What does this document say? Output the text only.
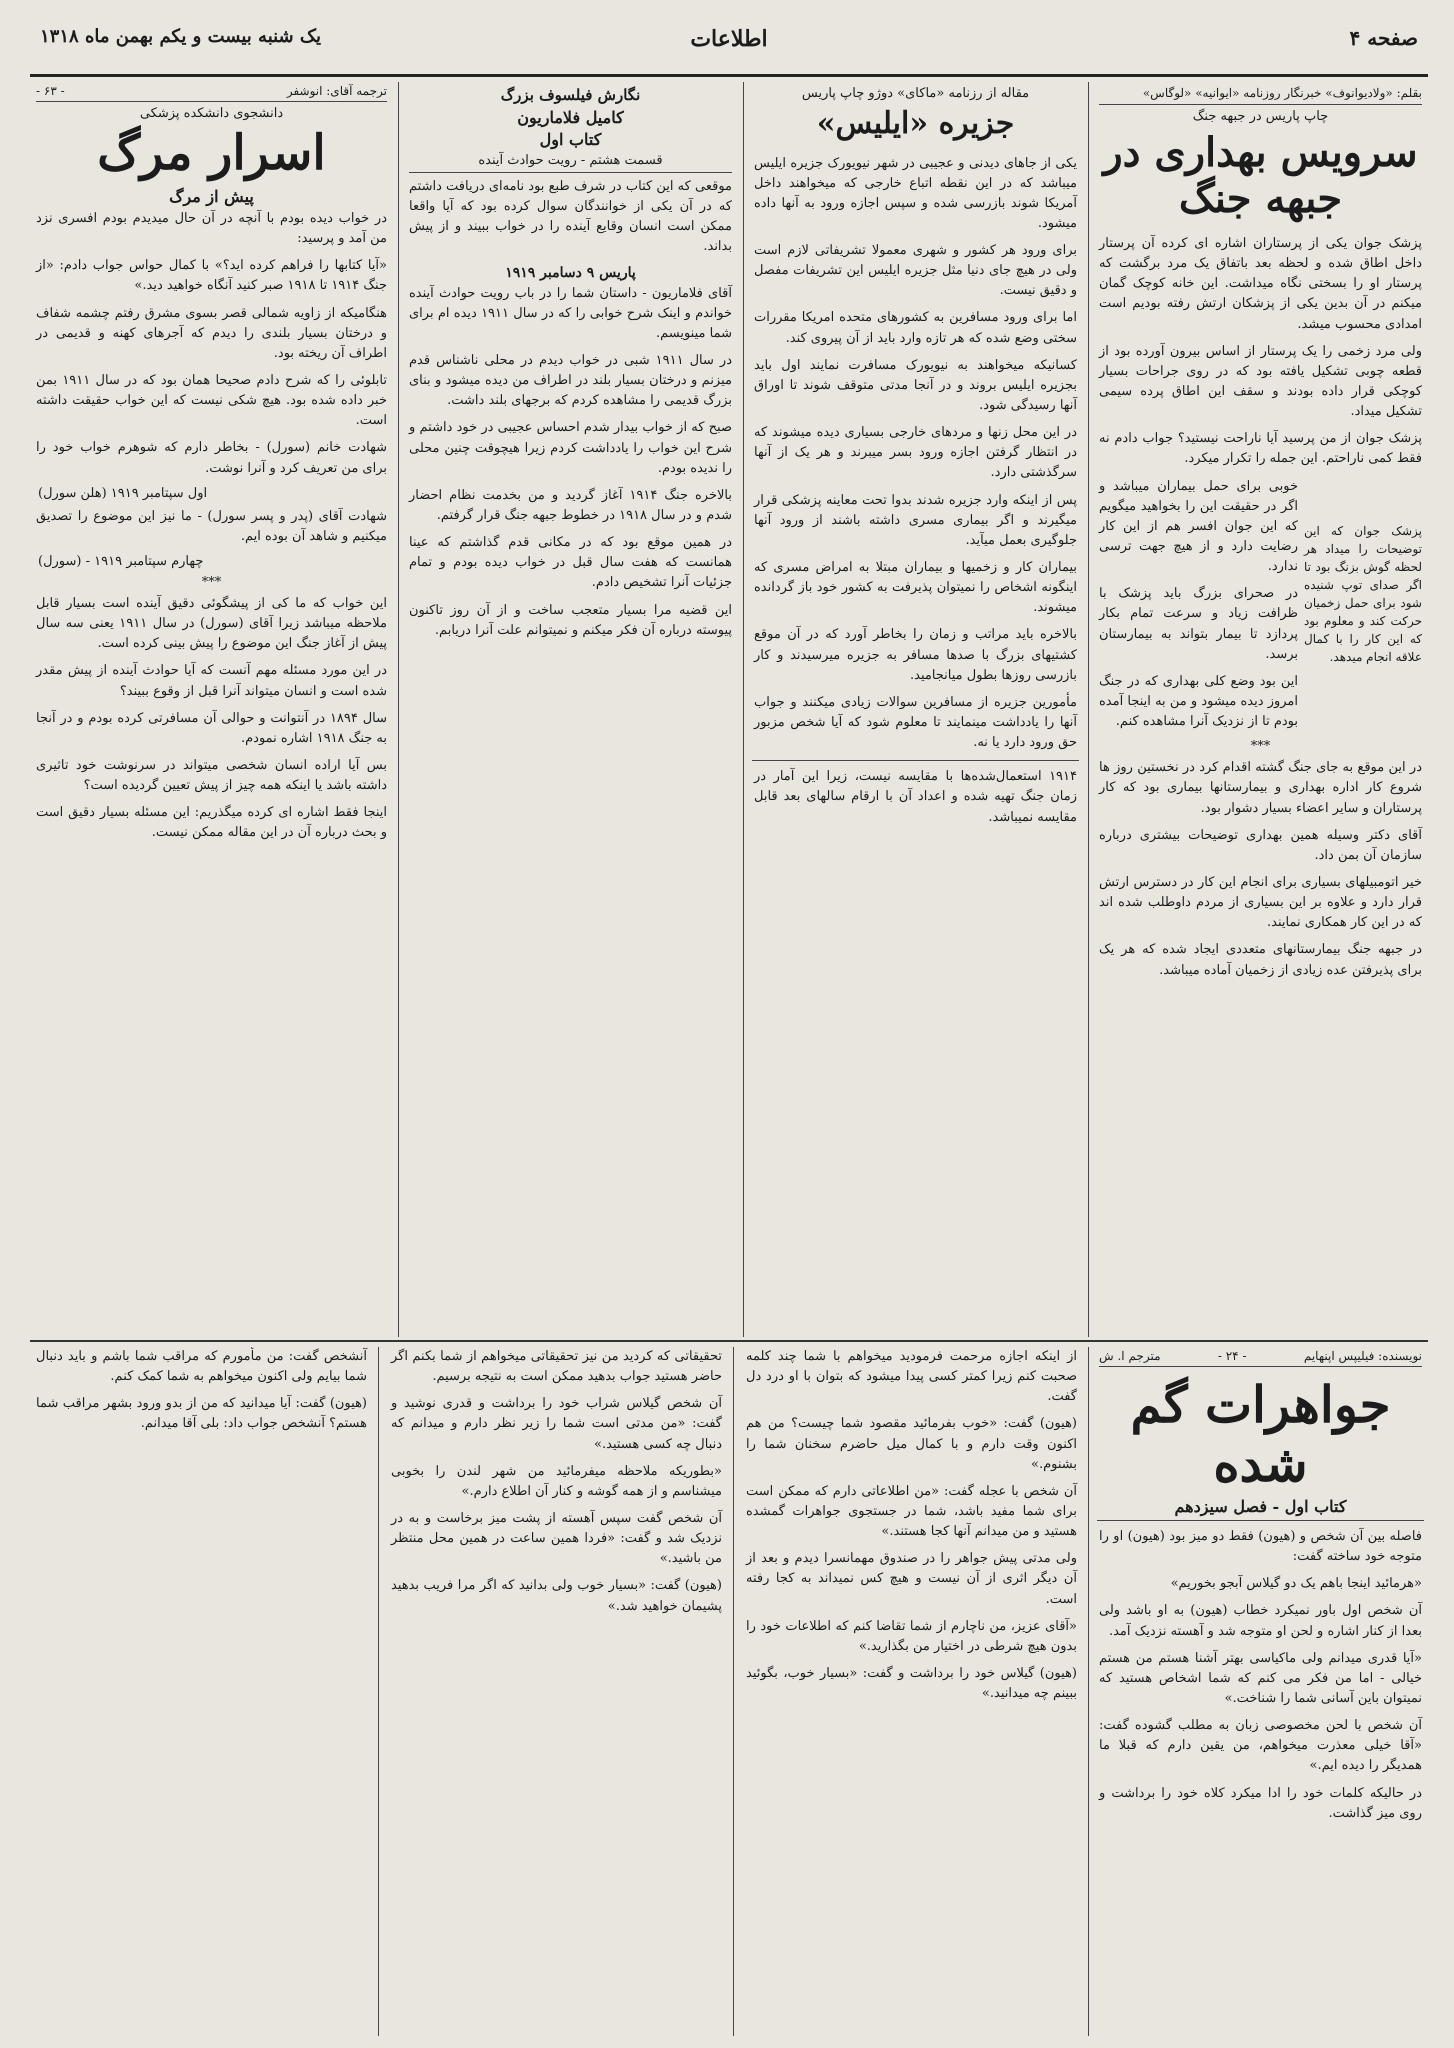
صفحه ۴
اطلاعات
یک شنبه بیست و یکم بهمن ماه ۱۳۱۸
بقلم: «ولادیوانوف» خبرنگار روزنامه «ایوانیه» «لوگاس»
چاپ پاریس در جبهه جنگ
سرویس بهداری در جبهه جنگ
پزشک جوان یکی از پرستاران اشاره ای کرده آن پرستار داخل اطاق شده و لحظه بعد باتفاق یک مرد برگشت که پرستار او را بسختی نگاه میداشت. این خانه کوچک گمان میکنم در آن بدین یکی از پزشکان ارتش رفته بودیم است امدادی محسوب میشد.
ولی مرد زخمی را یک پرستار از اساس بیرون آورده بود از قطعه چوبی تشکیل یافته بود که در روی جراحات بسیار کوچکی قرار داده بودند و سقف این اطاق پرده سیمی تشکیل میداد.
پزشک جوان از من پرسید آیا ناراحت نیستید؟ جواب دادم نه فقط کمی ناراحتم. این جمله را تکرار میکرد.
خوبی برای حمل بیماران میباشد و اگر در حقیقت این را بخواهید میگویم که این جوان افسر هم از این کار رضایت دارد و از هیچ جهت ترسی ندارد.
در صحرای بزرگ باید پزشک با ظرافت زیاد و سرعت تمام بکار پردازد تا بیمار بتواند به بیمارستان برسد.
این بود وضع کلی بهداری که در جنگ امروز دیده میشود و من به اینجا آمده بودم تا از نزدیک آنرا مشاهده کنم.
***
در این موقع به جای جنگ گشته اقدام کرد در نخستین روز ها شروع کار اداره بهداری و بیمارستانها بیماری بود که کار پرستاران و سایر اعضاء بسیار دشوار بود.
آقای دکتر وسیله همین بهداری توضیحات بیشتری درباره سازمان آن بمن داد.
خیر اتومبیلهای بسیاری برای انجام این کار در دسترس ارتش قرار دارد و علاوه بر این بسیاری از مردم داوطلب شده اند که در این کار همکاری نمایند.
در جبهه جنگ بیمارستانهای متعددی ایجاد شده که هر یک برای پذیرفتن عده زیادی از زخمیان آماده میباشد.
پزشک جوان که این توضیحات را میداد هر لحظه گوش بزنگ بود تا اگر صدای توپ شنیده شود برای حمل زخمیان حرکت کند و معلوم بود که این کار را با کمال علاقه انجام میدهد.
مقاله از رزنامه «ماکای» دوژو چاپ پاریس
جزیره «ایلیس»
یکی از جاهای دیدنی و عجیبی در شهر نیویورک جزیره ایلیس میباشد که در این نقطه اتباع خارجی که میخواهند داخل آمریکا شوند بازرسی شده و سپس اجازه ورود به آنها داده میشود.
برای ورود هر کشور و شهری معمولا تشریفاتی لازم است ولی در هیچ جای دنیا مثل جزیره ایلیس این تشریفات مفصل و دقیق نیست.
اما برای ورود مسافرین به کشورهای متحده امریکا مقررات سختی وضع شده که هر تازه وارد باید از آن پیروی کند.
کسانیکه میخواهند به نیویورک مسافرت نمایند اول باید بجزیره ایلیس بروند و در آنجا مدتی متوقف شوند تا اوراق آنها رسیدگی شود.
در این محل زنها و مردهای خارجی بسیاری دیده میشوند که در انتظار گرفتن اجازه ورود بسر میبرند و هر یک از آنها سرگذشتی دارد.
پس از اینکه وارد جزیره شدند بدوا تحت معاینه پزشکی قرار میگیرند و اگر بیماری مسری داشته باشند از ورود آنها جلوگیری بعمل میآید.
بیماران کار و زخمیها و بیماران مبتلا به امراض مسری که اینگونه اشخاص را نمیتوان پذیرفت به کشور خود باز گردانده میشوند.
بالاخره باید مراتب و زمان را بخاطر آورد که در آن موقع کشتیهای بزرگ با صدها مسافر به جزیره میرسیدند و کار بازرسی روزها بطول میانجامید.
مأمورین جزیره از مسافرین سوالات زیادی میکنند و جواب آنها را یادداشت مینمایند تا معلوم شود که آیا شخص مزبور حق ورود دارد یا نه.
۱۹۱۴ استعمال‌شده‌ها با مقایسه نیست، زیرا این آمار در زمان جنگ تهیه شده و اعداد آن با ارقام سالهای بعد قابل مقایسه نمیباشد.
نگارش فیلسوف بزرگ
کامیل فلاماریون
کتاب اول
قسمت هشتم - رویت حوادث آینده
موقعی که این کتاب در شرف طبع بود نامه‌ای دریافت داشتم که در آن یکی از خوانندگان سوال کرده بود که آیا واقعا ممکن است انسان وقایع آینده را در خواب ببیند و از پیش بداند.
پاریس ۹ دسامبر ۱۹۱۹
آقای فلاماریون - داستان شما را در باب رویت حوادث آینده خواندم و اینک شرح خوابی را که در سال ۱۹۱۱ دیده ام برای شما مینویسم.
در سال ۱۹۱۱ شبی در خواب دیدم در محلی ناشناس قدم میزنم و درختان بسیار بلند در اطراف من دیده میشود و بنای بزرگ قدیمی را مشاهده کردم که برجهای بلند داشت.
صبح که از خواب بیدار شدم احساس عجیبی در خود داشتم و شرح این خواب را یادداشت کردم زیرا هیچوقت چنین محلی را ندیده بودم.
بالاخره جنگ ۱۹۱۴ آغاز گردید و من بخدمت نظام احضار شدم و در سال ۱۹۱۸ در خطوط جبهه جنگ قرار گرفتم.
در همین موقع بود که در مکانی قدم گذاشتم که عینا همانست که هفت سال قبل در خواب دیده بودم و تمام جزئیات آنرا تشخیص دادم.
این قضیه مرا بسیار متعجب ساخت و از آن روز تاکنون پیوسته درباره آن فکر میکنم و نمیتوانم علت آنرا دریابم.
ترجمه آقای: انوشفر
- ۶۳ -
دانشجوی دانشکده پزشکی
اسرار مرگ
پیش از مرگ
در خواب دیده بودم با آنچه در آن حال میدیدم بودم افسری نزد من آمد و پرسید:
«آیا کتابها را فراهم کرده اید؟» با کمال حواس جواب دادم: «از جنگ ۱۹۱۴ تا ۱۹۱۸ صبر کنید آنگاه خواهید دید.»
هنگامیکه از زاویه شمالی قصر بسوی مشرق رفتم چشمه شفاف و درختان بسیار بلندی را دیدم که آجرهای کهنه و قدیمی در اطراف آن ریخته بود.
تابلوئی را که شرح دادم صحیحا همان بود که در سال ۱۹۱۱ بمن خبر داده شده بود. هیچ شکی نیست که این خواب حقیقت داشته است.
شهادت خانم (سورل) - بخاطر دارم که شوهرم خواب خود را برای من تعریف کرد و آنرا نوشت.
اول سپتامبر ۱۹۱۹ (هلن سورل)
شهادت آقای (پدر و پسر سورل) - ما نیز این موضوع را تصدیق میکنیم و شاهد آن بوده ایم.
چهارم سپتامبر ۱۹۱۹ - (سورل)
***
این خواب که ما کی از پیشگوئی دقیق آینده است بسیار قابل ملاحظه میباشد زیرا آقای (سورل) در سال ۱۹۱۱ یعنی سه سال پیش از آغاز جنگ این موضوع را پیش بینی کرده است.
در این مورد مسئله مهم آنست که آیا حوادث آینده از پیش مقدر شده است و انسان میتواند آنرا قبل از وقوع ببیند؟
سال ۱۸۹۴ در آنتوانت و حوالی آن مسافرتی کرده بودم و در آنجا به جنگ ۱۹۱۸ اشاره نمودم.
بس آیا اراده انسان شخصی میتواند در سرنوشت خود تاثیری داشته باشد یا اینکه همه چیز از پیش تعیین گردیده است؟
اینجا فقط اشاره ای کرده میگذریم: این مسئله بسیار دقیق است و بحث درباره آن در این مقاله ممکن نیست.
نویسنده: فیلیپس اپنهایم
- ۲۴ -
مترجم ا. ش
جواهرات گم شده
کتاب اول - فصل سیزدهم
فاصله بین آن شخص و (هیون) فقط دو میز بود (هیون) او را متوجه خود ساخته گفت:
«هرمائید اینجا باهم یک دو گیلاس آبجو بخوریم»
آن شخص اول باور نمیکرد خطاب (هیون) به او باشد ولی بعدا از کنار اشاره و لحن او متوجه شد و آهسته نزدیک آمد.
«آیا قدری میدانم ولی ماکیاسی بهتر آشنا هستم من هستم خیالی - اما من فکر می کنم که شما اشخاص هستید که نمیتوان باین آسانی شما را شناخت.»
آن شخص با لحن مخصوصی زبان به مطلب گشوده گفت: «آقا خیلی معذرت میخواهم، من یقین دارم که قبلا ما همدیگر را دیده ایم.»
در حالیکه کلمات خود را ادا میکرد کلاه خود را برداشت و روی میز گذاشت.
از اینکه اجازه مرحمت فرمودید میخواهم با شما چند کلمه صحبت کنم زیرا کمتر کسی پیدا میشود که بتوان با او درد دل گفت.
(هیون) گفت: «خوب بفرمائید مقصود شما چیست؟ من هم اکنون وقت دارم و با کمال میل حاضرم سخنان شما را بشنوم.»
آن شخص با عجله گفت: «من اطلاعاتی دارم که ممکن است برای شما مفید باشد، شما در جستجوی جواهرات گمشده هستید و من میدانم آنها کجا هستند.»
ولی مدتی پیش جواهر را در صندوق مهمانسرا دیدم و بعد از آن دیگر اثری از آن نیست و هیچ کس نمیداند به کجا رفته است.
«آقای عزیز، من ناچارم از شما تقاضا کنم که اطلاعات خود را بدون هیچ شرطی در اختیار من بگذارید.»
(هیون) گیلاس خود را برداشت و گفت: «بسیار خوب، بگوئید ببینم چه میدانید.»
تحقیقاتی که کردید من نیز تحقیقاتی میخواهم از شما بکنم اگر حاضر هستید جواب بدهید ممکن است به نتیجه برسیم.
آن شخص گیلاس شراب خود را برداشت و قدری نوشید و گفت: «من مدتی است شما را زیر نظر دارم و میدانم که دنبال چه کسی هستید.»
«بطوریکه ملاحظه میفرمائید من شهر لندن را بخوبی میشناسم و از همه گوشه و کنار آن اطلاع دارم.»
آن شخص گفت سپس آهسته از پشت میز برخاست و به در نزدیک شد و گفت: «فردا همین ساعت در همین محل منتظر من باشید.»
(هیون) گفت: «بسیار خوب ولی بدانید که اگر مرا فریب بدهید پشیمان خواهید شد.»
آنشخص گفت: من مأمورم که مراقب شما باشم و باید دنبال شما بیایم ولی اکنون میخواهم به شما کمک کنم.
(هیون) گفت: آیا میدانید که من از بدو ورود بشهر مراقب شما هستم؟ آنشخص جواب داد: بلی آقا میدانم.
